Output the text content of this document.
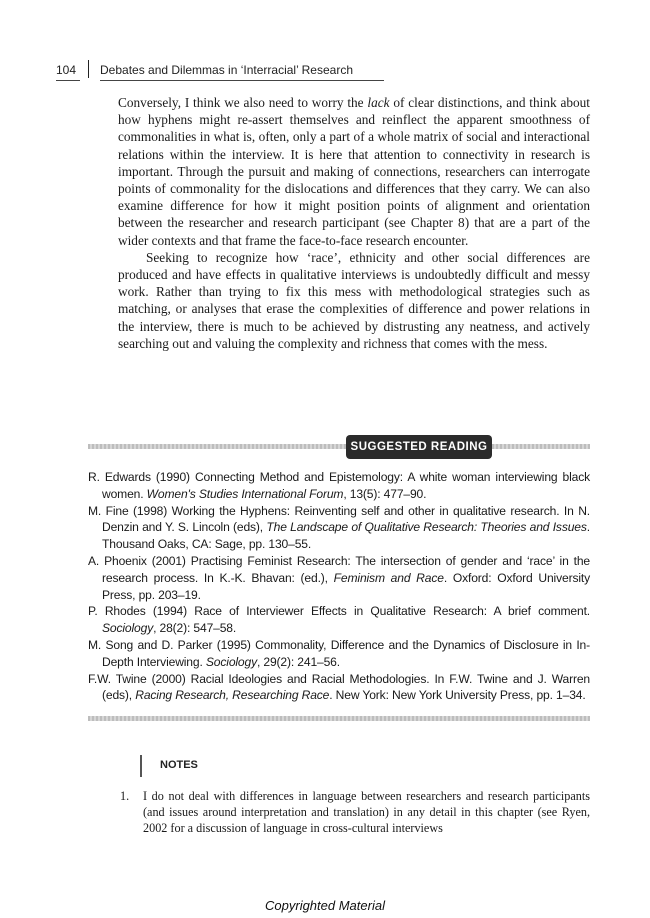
104 Debates and Dilemmas in ‘Interracial’ Research

Conversely, I think we also need to worry the lack of clear distinctions, and think about how hyphens might re-assert themselves and reinflect the apparent smoothness of commonalities in what is, often, only a part of a whole matrix of social and interactional relations within the interview. It is here that attention to connectivity in research is important. Through the pursuit and making of connections, researchers can interrogate points of commonality for the dislocations and differences that they carry. We can also examine difference for how it might position points of alignment and orientation between the researcher and research participant (see Chapter 8) that are a part of the wider contexts and that frame the face-to-face research encounter.

Seeking to recognize how ‘race’, ethnicity and other social differences are produced and have effects in qualitative interviews is undoubtedly difficult and messy work. Rather than trying to fix this mess with methodological strategies such as matching, or analyses that erase the complexities of difference and power relations in the interview, there is much to be achieved by distrusting any neatness, and actively searching out and valuing the complexity and richness that comes with the mess.

SUGGESTED READING

R. Edwards (1990) Connecting Method and Epistemology: A white woman interviewing black women. Women's Studies International Forum, 13(5): 477–90.

M. Fine (1998) Working the Hyphens: Reinventing self and other in qualitative research. In N. Denzin and Y. S. Lincoln (eds), The Landscape of Qualitative Research: Theories and Issues. Thousand Oaks, CA: Sage, pp. 130–55.

A. Phoenix (2001) Practising Feminist Research: The intersection of gender and ‘race’ in the research process. In K.-K. Bhavan: (ed.), Feminism and Race. Oxford: Oxford University Press, pp. 203–19.

P. Rhodes (1994) Race of Interviewer Effects in Qualitative Research: A brief comment. Sociology, 28(2): 547–58.

M. Song and D. Parker (1995) Commonality, Difference and the Dynamics of Disclosure in In-Depth Interviewing. Sociology, 29(2): 241–56.

F.W. Twine (2000) Racial Ideologies and Racial Methodologies. In F.W. Twine and J. Warren (eds), Racing Research, Researching Race. New York: New York University Press, pp. 1–34.

NOTES
1. I do not deal with differences in language between researchers and research participants (and issues around interpretation and translation) in any detail in this chapter (see Ryen, 2002 for a discussion of language in cross-cultural interviews
Copyrighted Material
